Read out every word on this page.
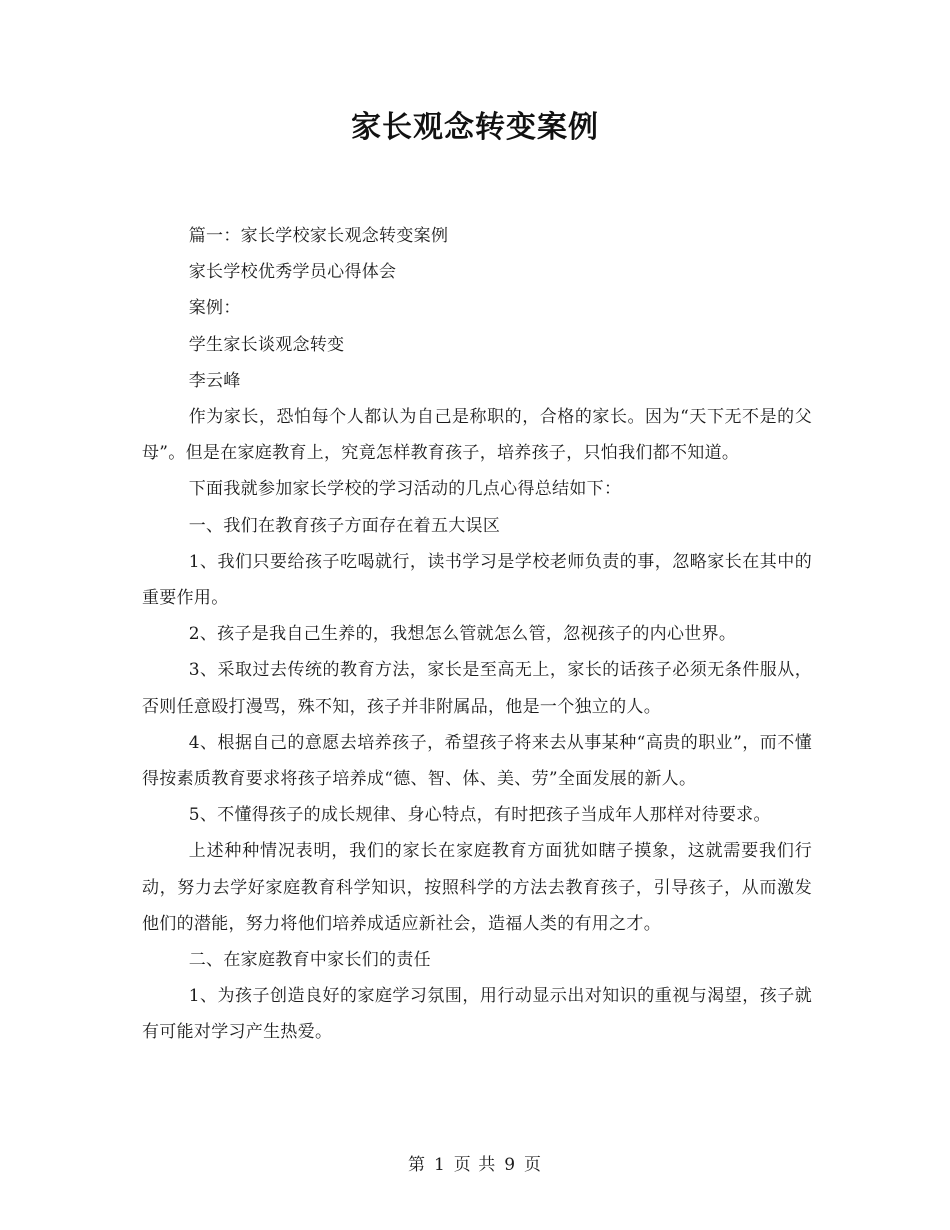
家长观念转变案例

篇一：家长学校家长观念转变案例

家长学校优秀学员心得体会

案例：

学生家长谈观念转变

李云峰

作为家长，恐怕每个人都认为自己是称职的，合格的家长。因为“天下无不是的父母”。但是在家庭教育上，究竟怎样教育孩子，培养孩子，只怕我们都不知道。

下面我就参加家长学校的学习活动的几点心得总结如下：

一、我们在教育孩子方面存在着五大误区

1、我们只要给孩子吃喝就行，读书学习是学校老师负责的事，忽略家长在其中的重要作用。

2、孩子是我自己生养的，我想怎么管就怎么管，忽视孩子的内心世界。

3、采取过去传统的教育方法，家长是至高无上，家长的话孩子必须无条件服从，否则任意殴打漫骂，殊不知，孩子并非附属品，他是一个独立的人。

4、根据自己的意愿去培养孩子，希望孩子将来去从事某种“高贵的职业”，而不懂得按素质教育要求将孩子培养成“德、智、体、美、劳”全面发展的新人。

5、不懂得孩子的成长规律、身心特点，有时把孩子当成年人那样对待要求。

上述种种情况表明，我们的家长在家庭教育方面犹如瞎子摸象，这就需要我们行动，努力去学好家庭教育科学知识，按照科学的方法去教育孩子，引导孩子，从而激发他们的潜能，努力将他们培养成适应新社会，造福人类的有用之才。

二、在家庭教育中家长们的责任

1、为孩子创造良好的家庭学习氛围，用行动显示出对知识的重视与渴望，孩子就有可能对学习产生热爱。

第 1 页 共 9 页
